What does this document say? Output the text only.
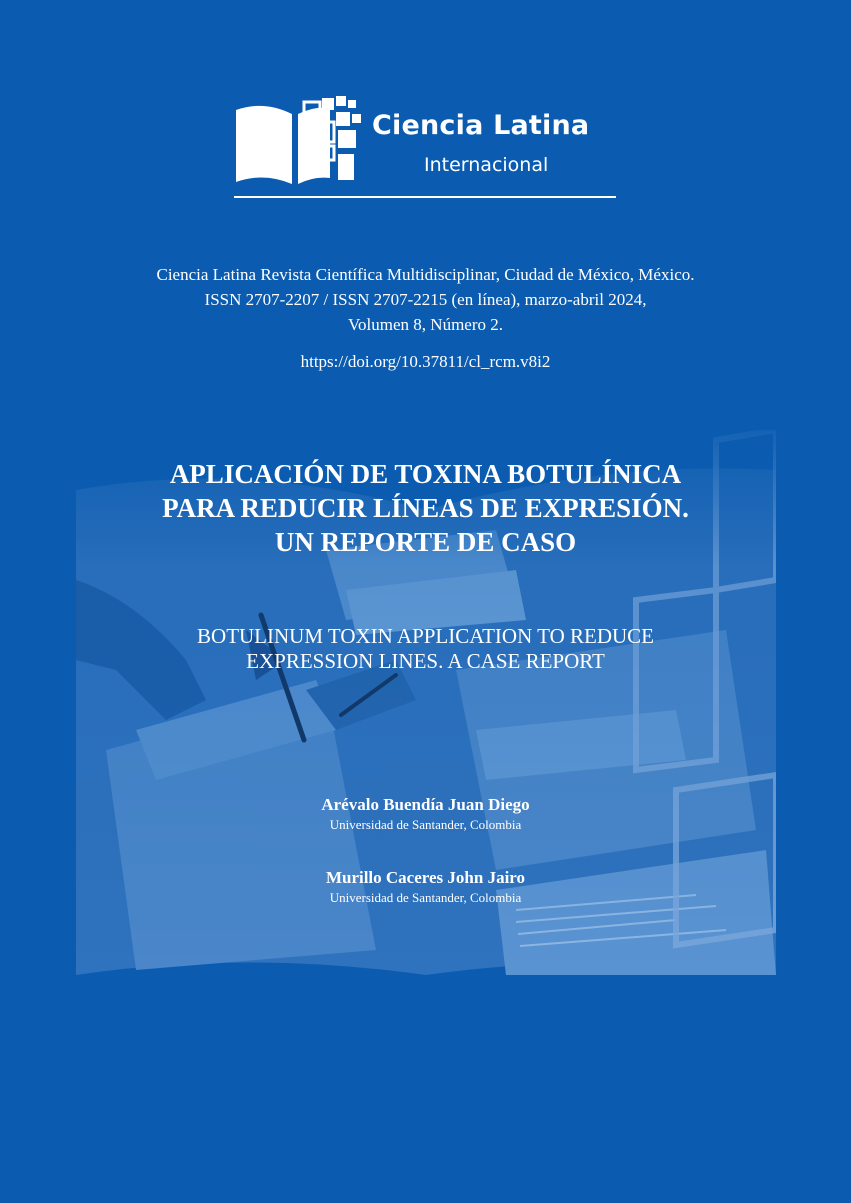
Ciencia Latina
Internacional
Ciencia Latina Revista Científica Multidisciplinar, Ciudad de México, México.
ISSN 2707-2207 / ISSN 2707-2215 (en línea), marzo-abril 2024,
Volumen 8, Número 2.
https://doi.org/10.37811/cl_rcm.v8i2
APLICACIÓN DE TOXINA BOTULÍNICA
PARA REDUCIR LÍNEAS DE EXPRESIÓN.
UN REPORTE DE CASO
BOTULINUM TOXIN APPLICATION TO REDUCE
EXPRESSION LINES. A CASE REPORT
Arévalo Buendía Juan Diego
Universidad de Santander, Colombia
Murillo Caceres John Jairo
Universidad de Santander, Colombia
